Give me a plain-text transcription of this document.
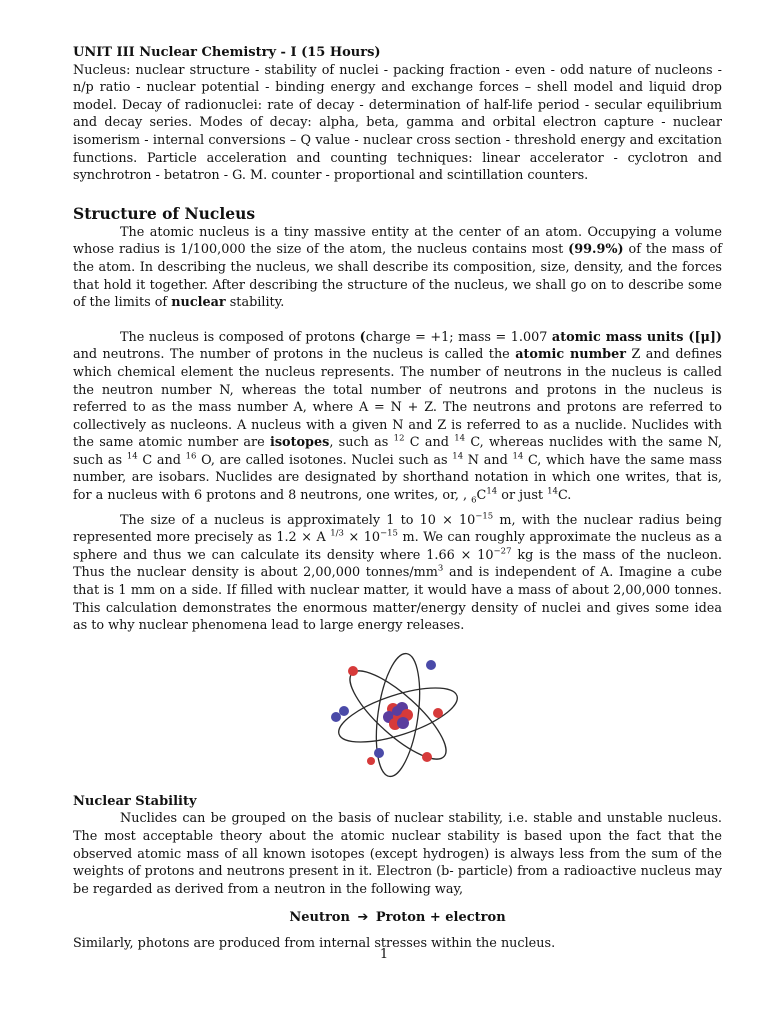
UNIT III Nuclear Chemistry - I (15 Hours)

Nucleus: nuclear structure - stability of nuclei - packing fraction - even - odd nature of nucleons - n/p ratio - nuclear potential - binding energy and exchange forces – shell model and liquid drop model. Decay of radionuclei: rate of decay - determination of half-life period - secular equilibrium and decay series. Modes of decay: alpha, beta, gamma and orbital electron capture - nuclear isomerism - internal conversions – Q value - nuclear cross section - threshold energy and excitation functions. Particle acceleration and counting techniques: linear accelerator - cyclotron and synchrotron - betatron - G. M. counter - proportional and scintillation counters.

Structure of Nucleus

The atomic nucleus is a tiny massive entity at the center of an atom. Occupying a volume whose radius is 1/100,000 the size of the atom, the nucleus contains most (99.9%) of the mass of the atom. In describing the nucleus, we shall describe its composition, size, density, and the forces that hold it together. After describing the structure of the nucleus, we shall go on to describe some of the limits of nuclear stability.

The nucleus is composed of protons (charge = +1; mass = 1.007 atomic mass units ([μ]) and neutrons. The number of protons in the nucleus is called the atomic number Z and defines which chemical element the nucleus represents. The number of neutrons in the nucleus is called the neutron number N, whereas the total number of neutrons and protons in the nucleus is referred to as the mass number A, where A = N + Z. The neutrons and protons are referred to collectively as nucleons. A nucleus with a given N and Z is referred to as a nuclide. Nuclides with the same atomic number are isotopes, such as $^{12}$ C and $^{14}$ C, whereas nuclides with the same N, such as $^{14}$ C and $^{16}$ O, are called isotones. Nuclei such as $^{14}$ N and $^{14}$ C, which have the same mass number, are isobars. Nuclides are designated by shorthand notation in which one writes, that is, for a nucleus with 6 protons and 8 neutrons, one writes, or, , $_6C^{14}$ or just $^{14}$C.

The size of a nucleus is approximately 1 to $10 \times 10^{-15}$ m, with the nuclear radius being represented more precisely as 1.2 × A $^{1/3} \times 10^{-15}$ m. We can roughly approximate the nucleus as a sphere and thus we can calculate its density where $1.66 \times 10^{-27}$ kg is the mass of the nucleon. Thus the nuclear density is about 2,00,000 tonnes/$mm^3$ and is independent of A. Imagine a cube that is 1 mm on a side. If filled with nuclear matter, it would have a mass of about 2,00,000 tonnes. This calculation demonstrates the enormous matter/energy density of nuclei and gives some idea as to why nuclear phenomena lead to large energy releases.

Nuclear Stability

Nuclides can be grouped on the basis of nuclear stability, i.e. stable and unstable nucleus. The most acceptable theory about the atomic nuclear stability is based upon the fact that the observed atomic mass of all known isotopes (except hydrogen) is always less from the sum of the weights of protons and neutrons present in it. Electron (b- particle) from a radioactive nucleus may be regarded as derived from a neutron in the following way,

Neutron ➔ Proton + electron

Similarly, photons are produced from internal stresses within the nucleus.

1
